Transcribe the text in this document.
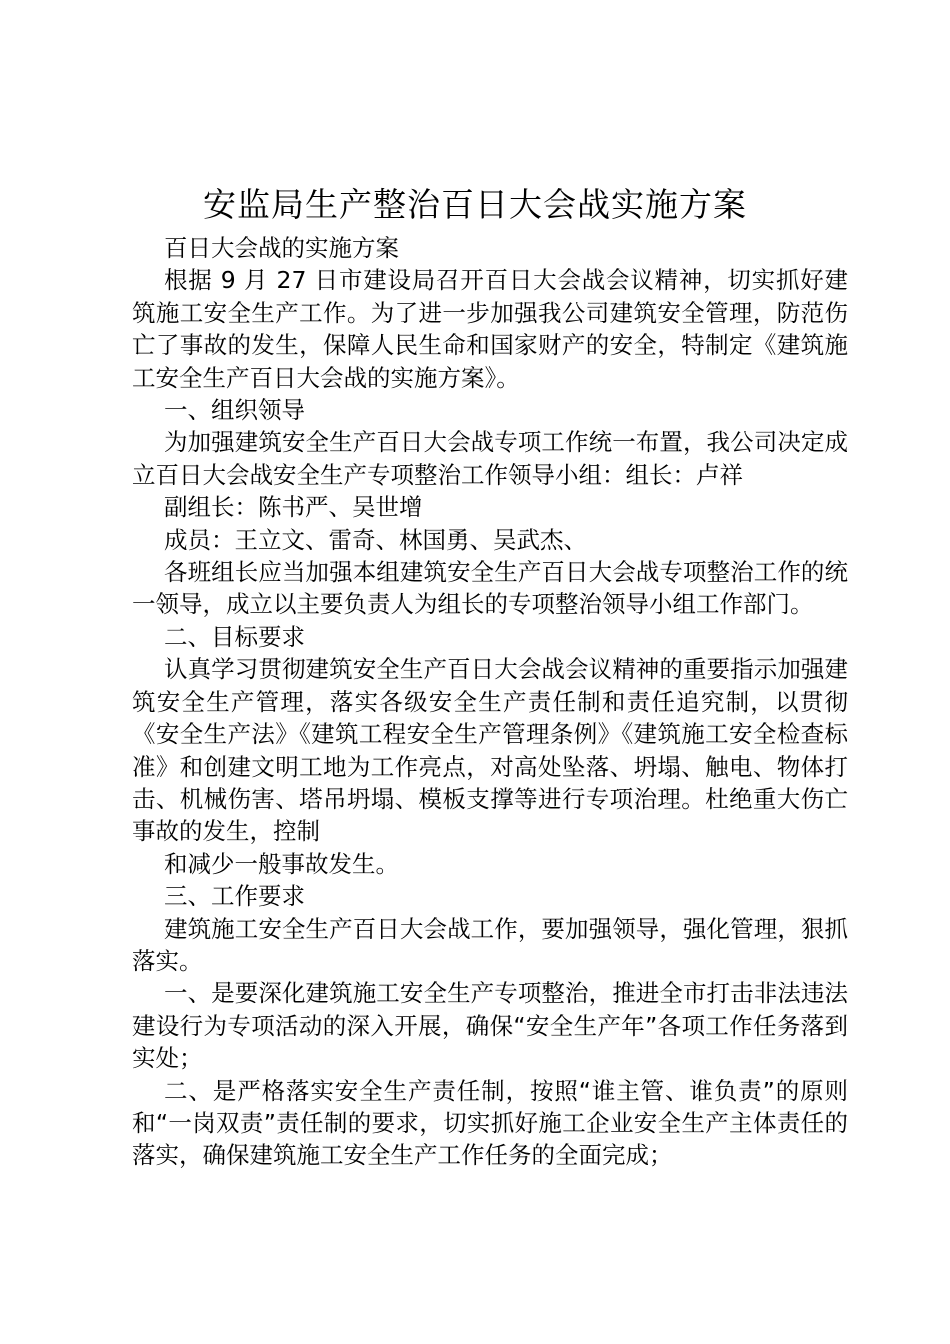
安监局生产整治百日大会战实施方案

百日大会战的实施方案

根据 9 月 27 日市建设局召开百日大会战会议精神，切实抓好建筑施工安全生产工作。为了进一步加强我公司建筑安全管理，防范伤亡了事故的发生，保障人民生命和国家财产的安全，特制定《建筑施工安全生产百日大会战的实施方案》。

一、组织领导

为加强建筑安全生产百日大会战专项工作统一布置，我公司决定成立百日大会战安全生产专项整治工作领导小组：组长：卢祥

副组长：陈书严、吴世增

成员：王立文、雷奇、林国勇、吴武杰、

各班组长应当加强本组建筑安全生产百日大会战专项整治工作的统一领导，成立以主要负责人为组长的专项整治领导小组工作部门。

二、目标要求

认真学习贯彻建筑安全生产百日大会战会议精神的重要指示加强建筑安全生产管理，落实各级安全生产责任制和责任追究制，以贯彻《安全生产法》《建筑工程安全生产管理条例》《建筑施工安全检查标准》和创建文明工地为工作亮点，对高处坠落、坍塌、触电、物体打击、机械伤害、塔吊坍塌、模板支撑等进行专项治理。杜绝重大伤亡事故的发生，控制

和减少一般事故发生。

三、工作要求

建筑施工安全生产百日大会战工作，要加强领导，强化管理，狠抓落实。

一、是要深化建筑施工安全生产专项整治，推进全市打击非法违法建设行为专项活动的深入开展，确保“安全生产年”各项工作任务落到实处；

二、是严格落实安全生产责任制，按照“谁主管、谁负责”的原则和“一岗双责”责任制的要求，切实抓好施工企业安全生产主体责任的落实，确保建筑施工安全生产工作任务的全面完成；
